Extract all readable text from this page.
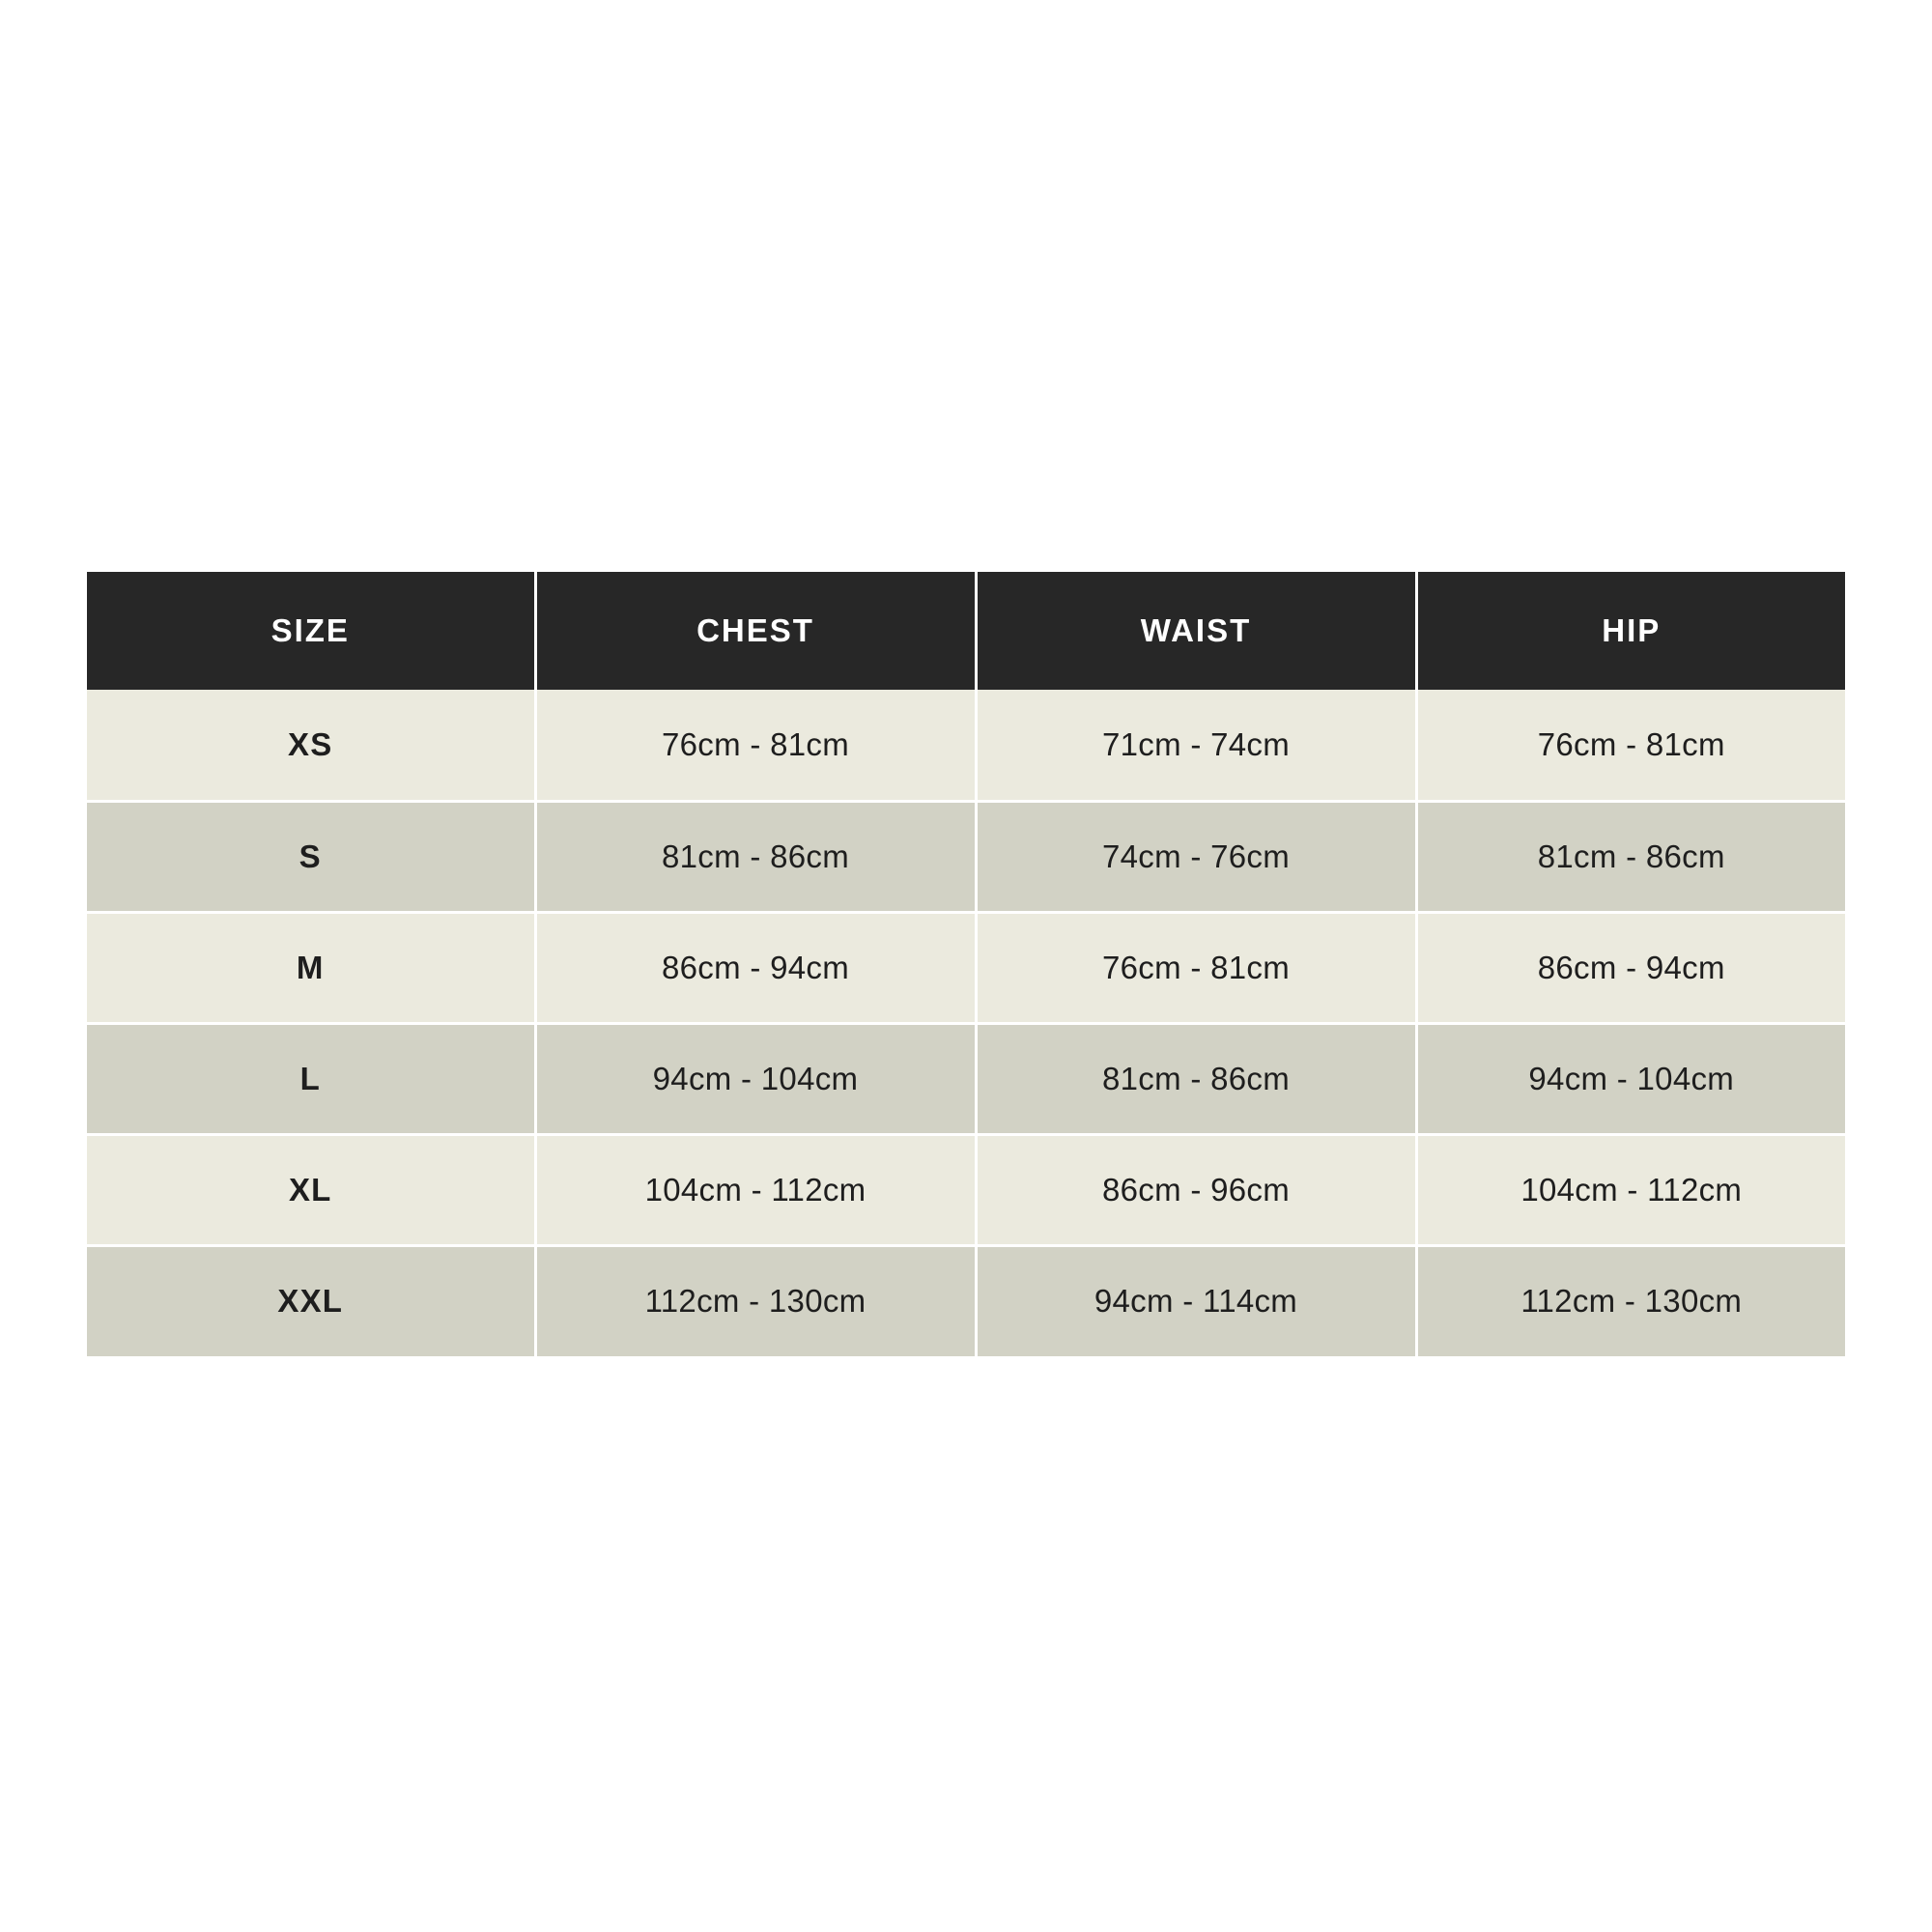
SIZE	CHEST	WAIST	HIP
XS	76cm - 81cm	71cm - 74cm	76cm - 81cm
S	81cm - 86cm	74cm - 76cm	81cm - 86cm
M	86cm - 94cm	76cm - 81cm	86cm - 94cm
L	94cm - 104cm	81cm - 86cm	94cm - 104cm
XL	104cm - 112cm	86cm - 96cm	104cm - 112cm
XXL	112cm - 130cm	94cm - 114cm	112cm - 130cm
